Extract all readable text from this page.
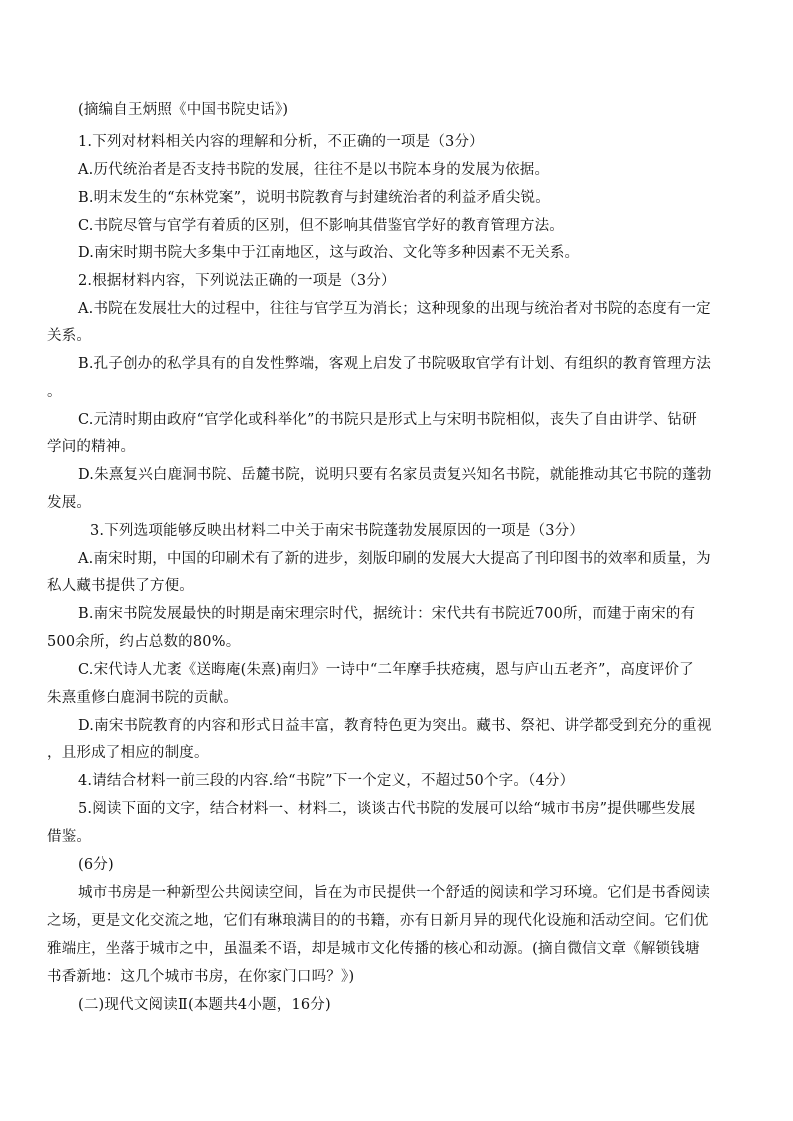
(摘编自王炳照《中国书院史话》)
1.下列对材料相关内容的理解和分析，不正确的一项是（3分）
A.历代统治者是否支持书院的发展，往往不是以书院本身的发展为依据。
B.明末发生的“东林党案”，说明书院教育与封建统治者的利益矛盾尖锐。
C.书院尽管与官学有着质的区别，但不影响其借鉴官学好的教育管理方法。
D.南宋时期书院大多集中于江南地区，这与政治、文化等多种因素不无关系。
2.根据材料内容，下列说法正确的一项是（3分）
A.书院在发展壮大的过程中，往往与官学互为消长；这种现象的出现与统治者对书院的态度有一定
关系。
B.孔子创办的私学具有的自发性弊端，客观上启发了书院吸取官学有计划、有组织的教育管理方法
。
C.元清时期由政府“官学化或科举化”的书院只是形式上与宋明书院相似，丧失了自由讲学、钻研
学问的精神。
D.朱熹复兴白鹿洞书院、岳麓书院，说明只要有名家员责复兴知名书院，就能推动其它书院的蓬勃
发展。
3.下列选项能够反映出材料二中关于南宋书院蓬勃发展原因的一项是（3分）
A.南宋时期，中国的印刷术有了新的进步，刻版印刷的发展大大提高了刊印图书的效率和质量，为
私人藏书提供了方便。
B.南宋书院发展最快的时期是南宋理宗时代，据统计：宋代共有书院近700所，而建于南宋的有
500余所，约占总数的80%。
C.宋代诗人尤袤《送晦庵(朱熹)南归》一诗中“二年摩手扶疮痍，恩与庐山五老齐”，高度评价了
朱熹重修白鹿洞书院的贡献。
D.南宋书院教育的内容和形式日益丰富，教育特色更为突出。藏书、祭祀、讲学都受到充分的重视
，且形成了相应的制度。
4.请结合材料一前三段的内容.给“书院”下一个定义，不超过50个字。（4分）
5.阅读下面的文字，结合材料一、材料二，谈谈古代书院的发展可以给“城市书房”提供哪些发展
借鉴。
(6分)
城市书房是一种新型公共阅读空间，旨在为市民提供一个舒适的阅读和学习环境。它们是书香阅读
之场，更是文化交流之地，它们有琳琅满目的的书籍，亦有日新月异的现代化设施和活动空间。它们优
雅端庄，坐落于城市之中，虽温柔不语，却是城市文化传播的核心和动源。(摘自微信文章《解锁钱塘
书香新地：这几个城市书房，在你家门口吗？》)
(二)现代文阅读Ⅱ(本题共4小题，16分)
